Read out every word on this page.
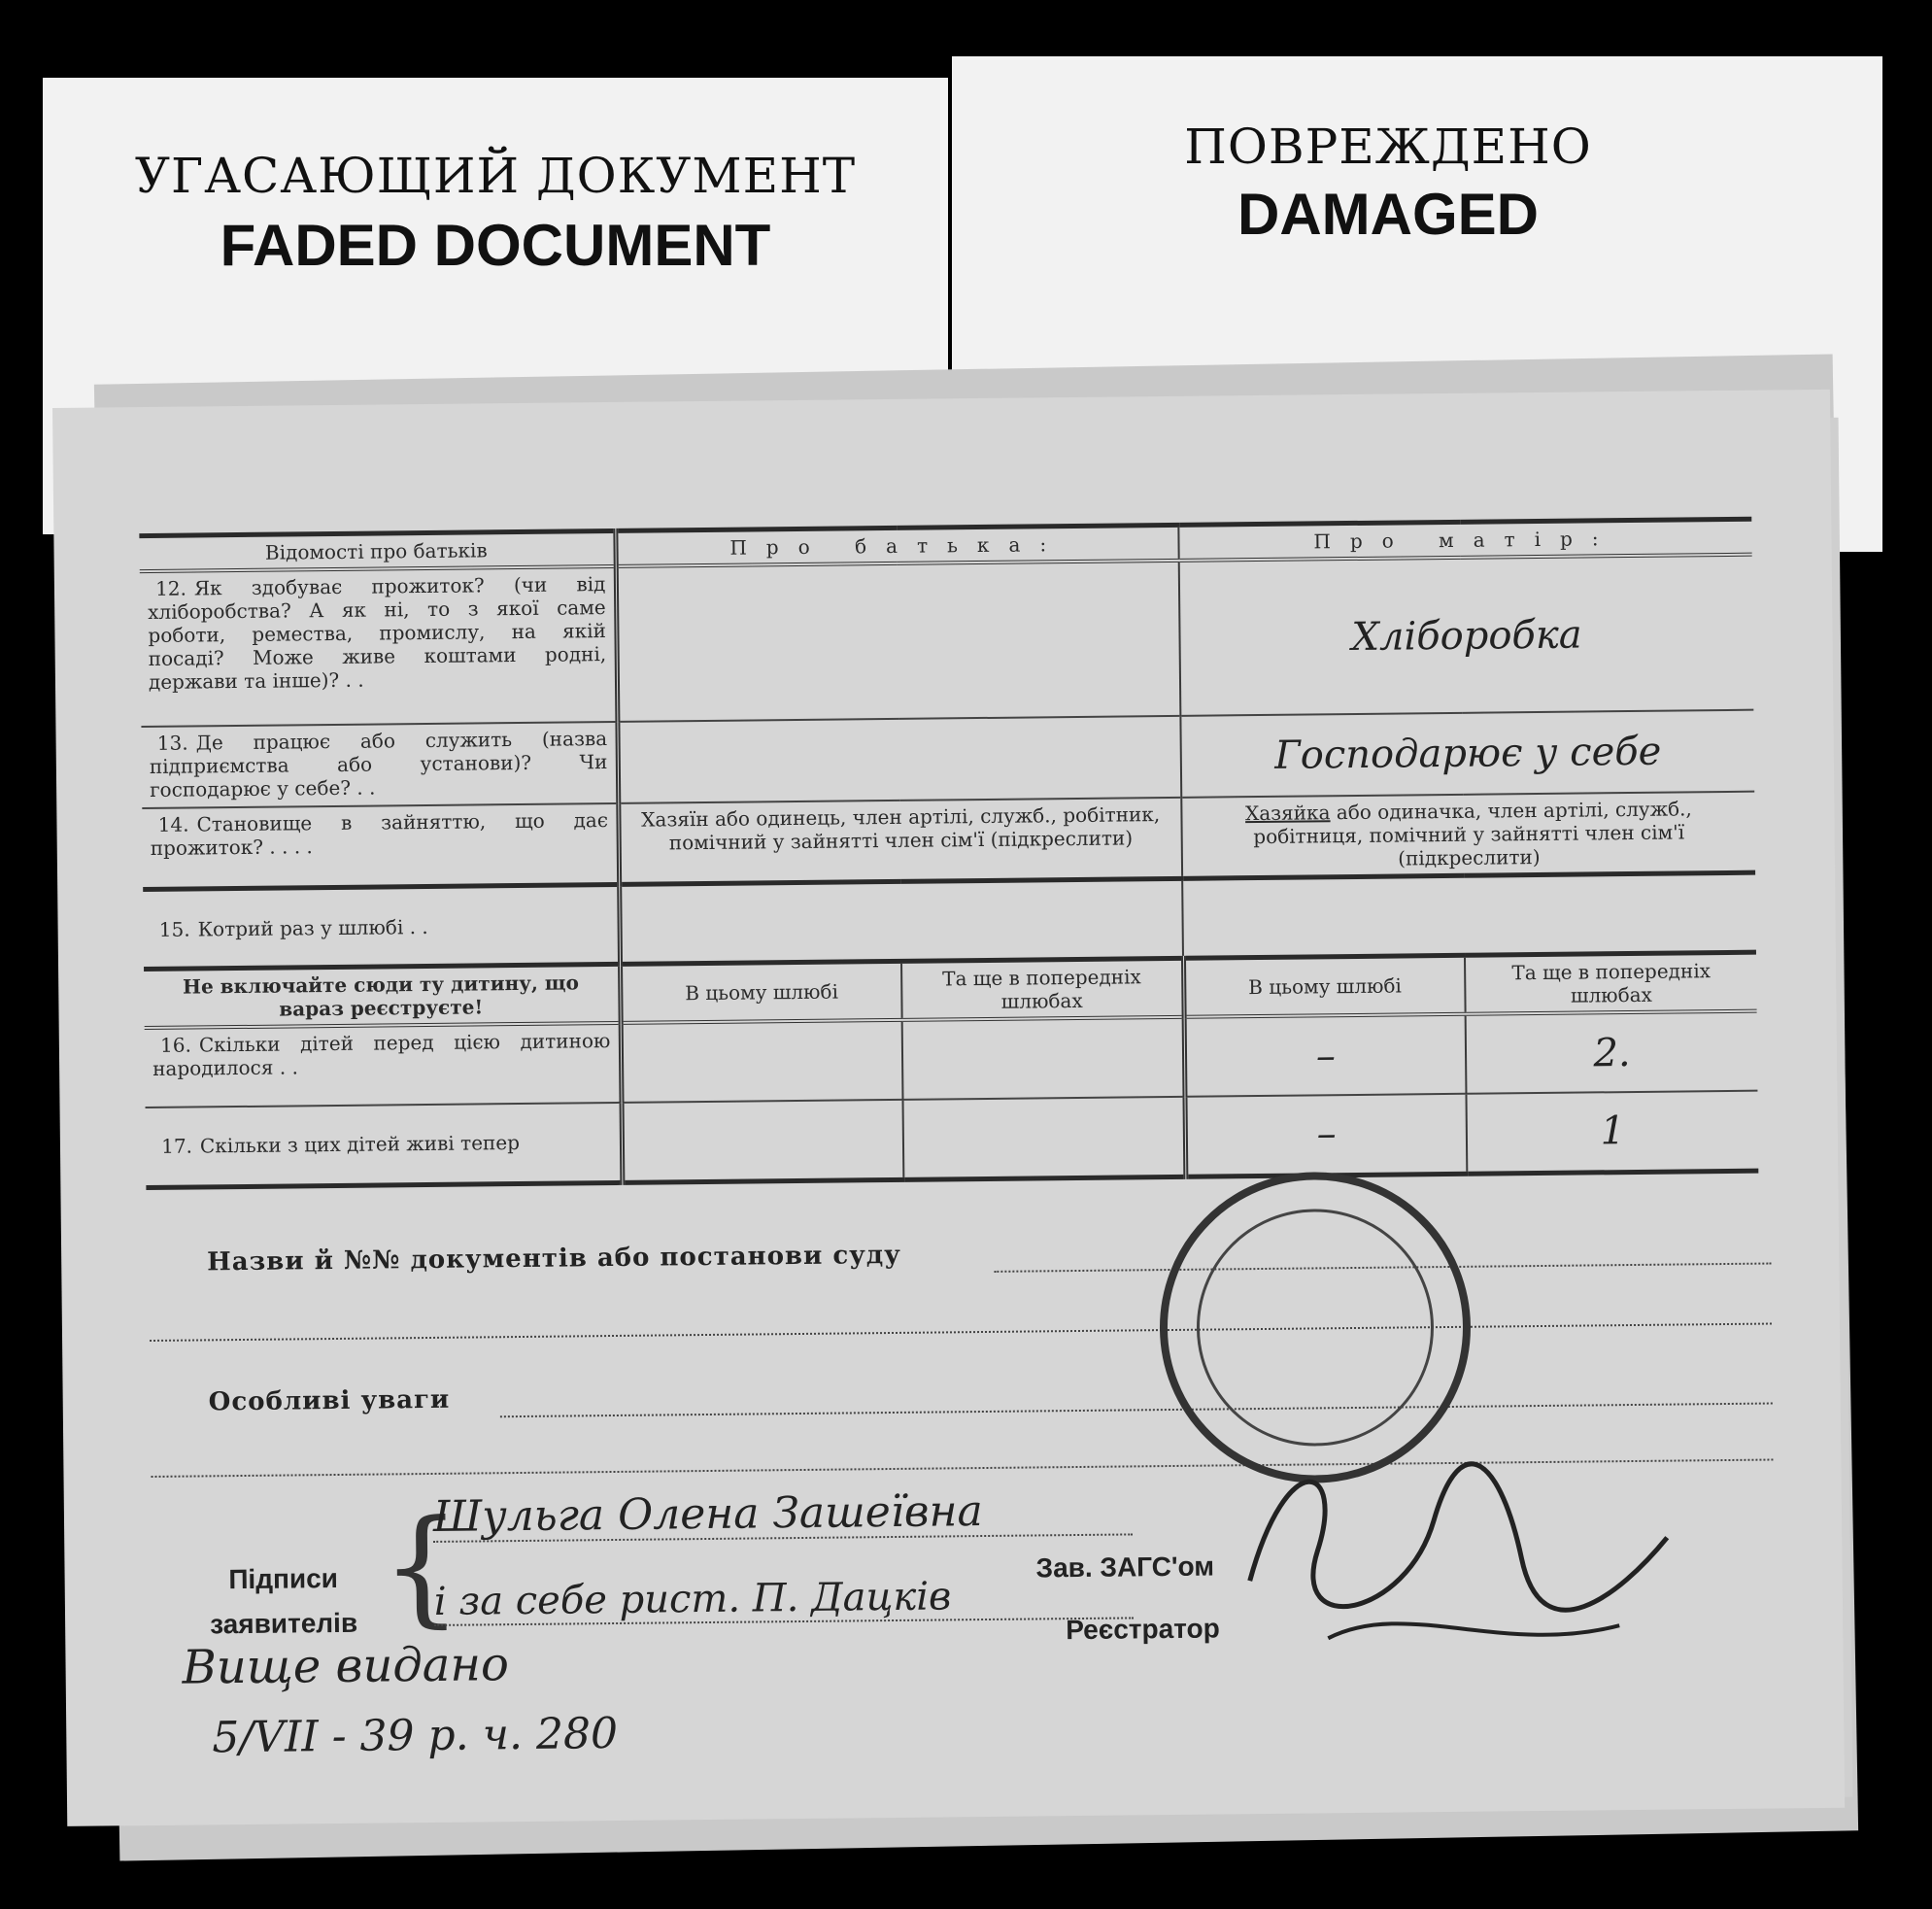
УГАСАЮЩИЙ ДОКУМЕНТ
FADED DOCUMENT
ПОВРЕЖДЕНО
DAMAGED
Відомості про батьків	Про батька:		Про матір:	
12. Як здобуває прожиток? (чи від хліборобства? А як ні, то з якої саме роботи, ремества, промислу, на якій посаді? Може живе коштами родні, держави та інше)? . .			Хліборобка	
13. Де працює або служить (назва підприємства або установи)? Чи господарює у себе? . .			Господарює у себе	
14. Становище в зайняттю, що дає прожиток? . . . .	Хазяїн або одинець, член артілі, служб., робітник, помічний у зайнятті член сім'ї (підкреслити)		Хазяйка або одиначка, член артілі, служб., робітниця, помічний у зайнятті член сім'ї (підкреслити)	
15. Котрий раз у шлюбі . .				
Не включайте сюди ту дитину, що вараз реєструєте!	В цьому шлюбі	Та ще в попередніх шлюбах	В цьому шлюбі	Та ще в попередніх шлюбах
16. Скільки дітей перед цією дитиною народилося . .			–	2.
17. Скільки з цих дітей живі тепер			–	1
Назви й №№ документів або постанови суду
Особливі уваги
Підписи
заявителів {
Шульга Олена Зашеївна
і за себе рист. П. Дацків
Зав. ЗАГС'ом
Реєстратор
Вище видано
5/VII - 39 р. ч. 280
